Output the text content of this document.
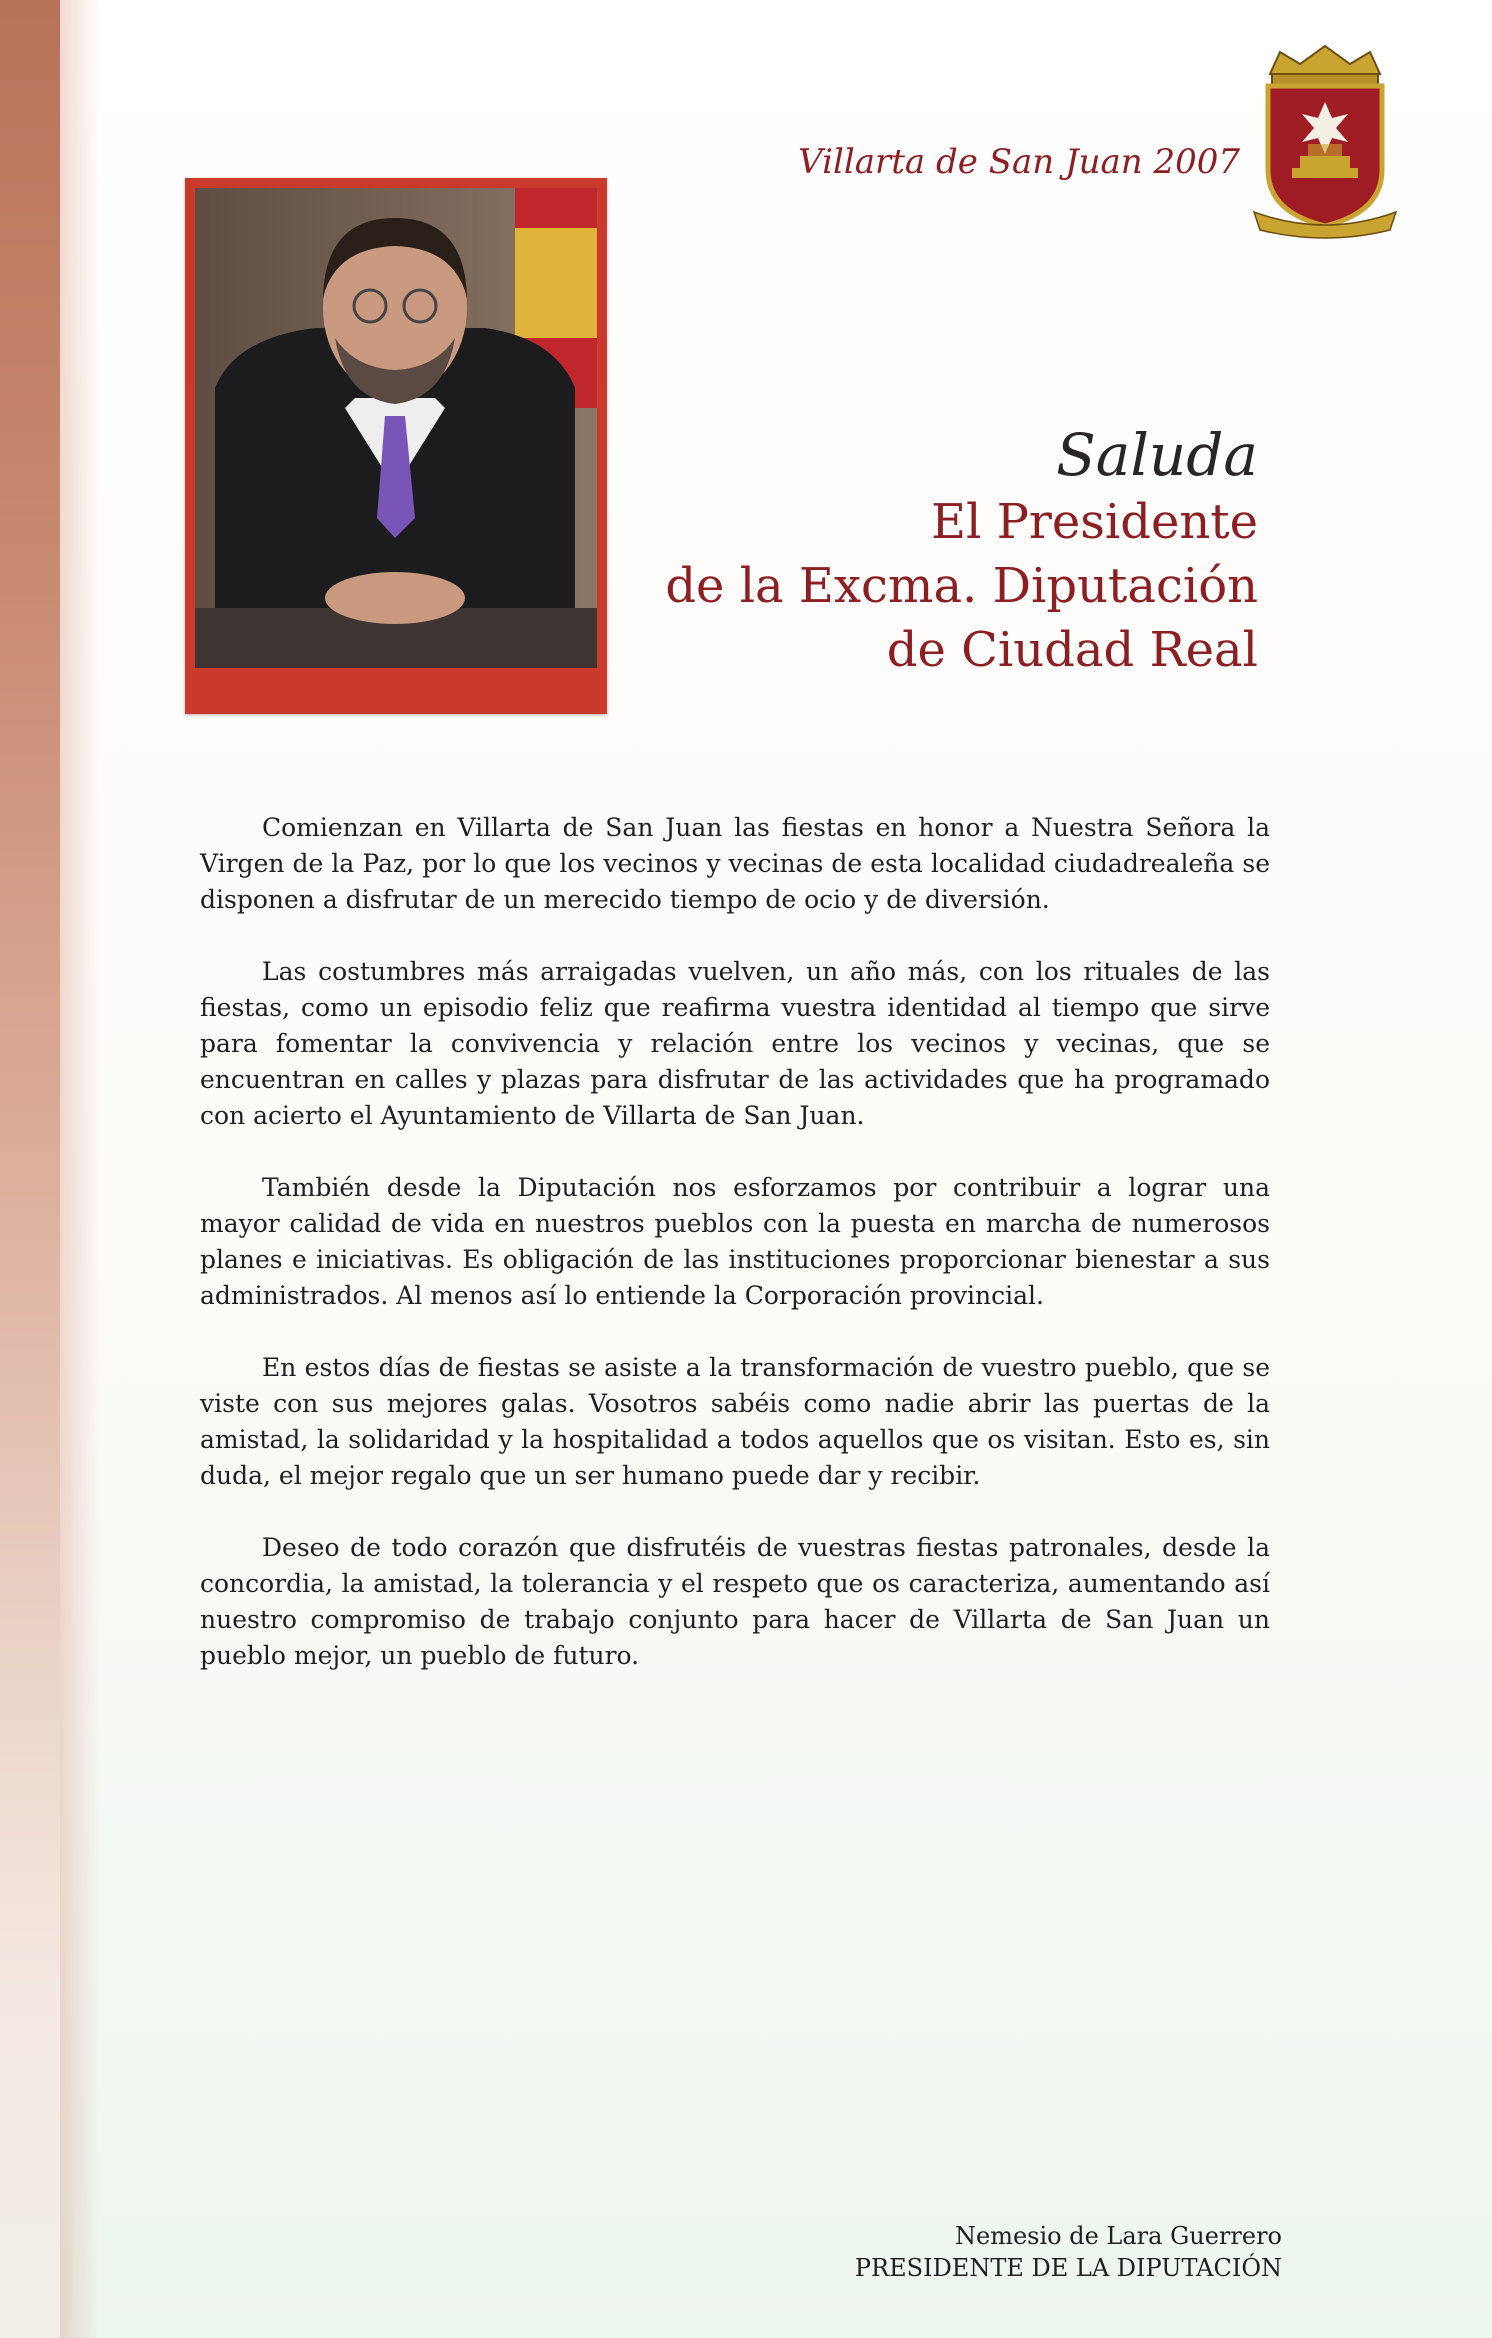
Villarta de San Juan 2007
Saluda
El Presidente
de la Excma. Diputación
de Ciudad Real

Comienzan en Villarta de San Juan las fiestas en honor a Nuestra Señora la Virgen de la Paz, por lo que los vecinos y vecinas de esta localidad ciudadrealeña se disponen a disfrutar de un merecido tiempo de ocio y de diversión.

Las costumbres más arraigadas vuelven, un año más, con los rituales de las fiestas, como un episodio feliz que reafirma vuestra identidad al tiempo que sirve para fomentar la convivencia y relación entre los vecinos y vecinas, que se encuentran en calles y plazas para disfrutar de las actividades que ha programado con acierto el Ayuntamiento de Villarta de San Juan.

También desde la Diputación nos esforzamos por contribuir a lograr una mayor calidad de vida en nuestros pueblos con la puesta en marcha de numerosos planes e iniciativas. Es obligación de las instituciones proporcionar bienestar a sus administrados. Al menos así lo entiende la Corporación provincial.

En estos días de fiestas se asiste a la transformación de vuestro pueblo, que se viste con sus mejores galas. Vosotros sabéis como nadie abrir las puertas de la amistad, la solidaridad y la hospitalidad a todos aquellos que os visitan. Esto es, sin duda, el mejor regalo que un ser humano puede dar y recibir.

Deseo de todo corazón que disfrutéis de vuestras fiestas patronales, desde la concordia, la amistad, la tolerancia y el respeto que os caracteriza, aumentando así nuestro compromiso de trabajo conjunto para hacer de Villarta de San Juan un pueblo mejor, un pueblo de futuro.

Nemesio de Lara Guerrero
PRESIDENTE DE LA DIPUTACIÓN
